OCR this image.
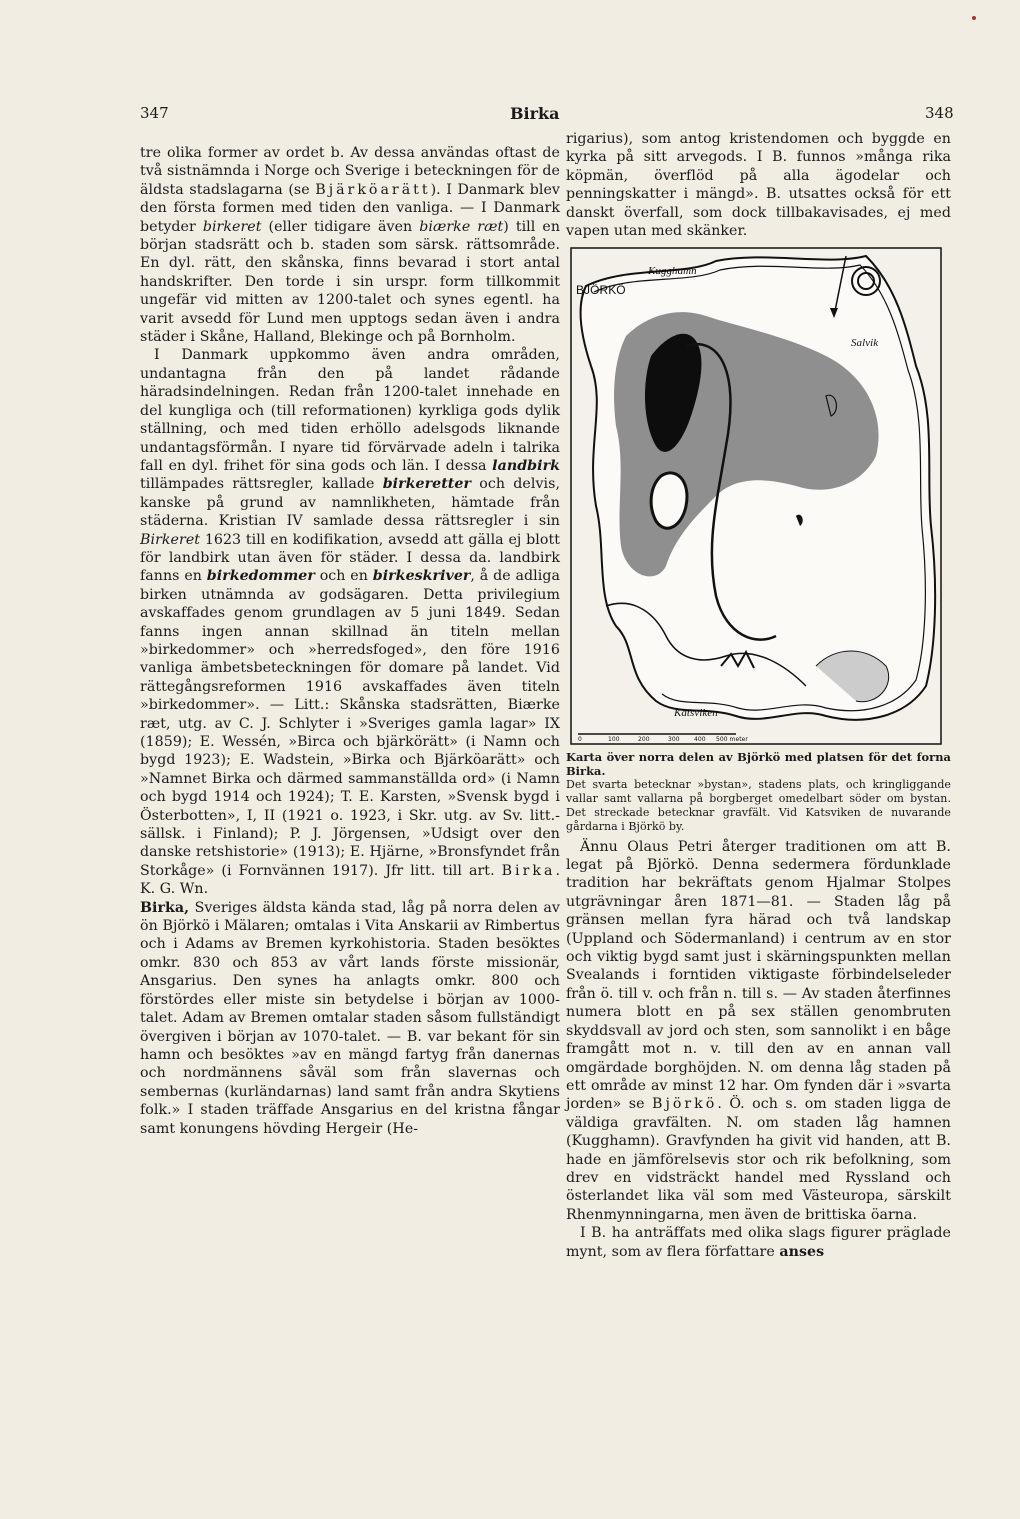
347	Birka	348

tre olika former av ordet b. Av dessa användas oftast de två sistnämnda i Norge och Sverige i beteckningen för de äldsta stadslagarna (se Bjärköarätt). I Danmark blev den första formen med tiden den vanliga. — I Danmark betyder birkeret (eller tidigare även biærke ræt) till en början stadsrätt och b. staden som särsk. rättsområde. En dyl. rätt, den skånska, finns bevarad i stort antal handskrifter. Den torde i sin urspr. form tillkommit ungefär vid mitten av 1200-talet och synes egentl. ha varit avsedd för Lund men upptogs sedan även i andra städer i Skåne, Halland, Blekinge och på Bornholm.

I Danmark uppkommo även andra områden, undantagna från den på landet rådande häradsindelningen. Redan från 1200-talet innehade en del kungliga och (till reformationen) kyrkliga gods dylik ställning, och med tiden erhöllo adelsgods liknande undantagsförmån. I nyare tid förvärvade adeln i talrika fall en dyl. frihet för sina gods och län. I dessa landbirk tillämpades rättsregler, kallade birkeretter och delvis, kanske på grund av namnlikheten, hämtade från städerna. Kristian IV samlade dessa rättsregler i sin Birkeret 1623 till en kodifikation, avsedd att gälla ej blott för landbirk utan även för städer. I dessa da. landbirk fanns en birkedommer och en birkeskriver, å de adliga birken utnämnda av godsägaren. Detta privilegium avskaffades genom grundlagen av 5 juni 1849. Sedan fanns ingen annan skillnad än titeln mellan »birkedommer» och »herredsfoged», den före 1916 vanliga ämbetsbeteckningen för domare på landet. Vid rättegångsreformen 1916 avskaffades även titeln »birkedommer». — Litt.: Skånska stadsrätten, Biærke ræt, utg. av C. J. Schlyter i »Sveriges gamla lagar» IX (1859); E. Wessén, »Birca och bjärkörätt» (i Namn och bygd 1923); E. Wadstein, »Birka och Bjärköarätt» och »Namnet Birka och därmed sammanställda ord» (i Namn och bygd 1914 och 1924); T. E. Karsten, »Svensk bygd i Österbotten», I, II (1921 o. 1923, i Skr. utg. av Sv. litt.-sällsk. i Finland); P. J. Jörgensen, »Udsigt over den danske retshistorie» (1913); E. Hjärne, »Bronsfyndet från Storkåge» (i Fornvännen 1917). Jfr litt. till art. Birka. K. G. Wn.

Birka, Sveriges äldsta kända stad, låg på norra delen av ön Björkö i Mälaren; omtalas i Vita Anskarii av Rimbertus och i Adams av Bremen kyrkohistoria. Staden besöktes omkr. 830 och 853 av vårt lands förste missionär, Ansgarius. Den synes ha anlagts omkr. 800 och förstördes eller miste sin betydelse i början av 1000-talet. Adam av Bremen omtalar staden såsom fullständigt övergiven i början av 1070-talet. — B. var bekant för sin hamn och besöktes »av en mängd fartyg från danernas och nordmännens såväl som från slavernas och sembernas (kurländarnas) land samt från andra Skytiens folk.» I staden träffade Ansgarius en del kristna fångar samt konungens hövding Hergeir (He-

rigarius), som antog kristendomen och byggde en kyrka på sitt arvegods. I B. funnos »många rika köpmän, överflöd på alla ägodelar och penningskatter i mängd». B. utsattes också för ett danskt överfall, som dock tillbakavisades, ej med vapen utan med skänker.

BJÖRKÖ
Kugghamn
Salvik
Katsviken
0	100	200	300 400 500 meter
Karta över norra delen av Björkö med platsen för det forna Birka.
Det svarta betecknar »bystan», stadens plats, och kringliggande vallar samt vallarna på borgberget omedelbart söder om bystan. Det streckade betecknar gravfält. Vid Katsviken de nuvarande gårdarna i Björkö by.

Ännu Olaus Petri återger traditionen om att B. legat på Björkö. Denna sedermera fördunklade tradition har bekräftats genom Hjalmar Stolpes utgrävningar åren 1871—81. — Staden låg på gränsen mellan fyra härad och två landskap (Uppland och Södermanland) i centrum av en stor och viktig bygd samt just i skärningspunkten mellan Svealands i forntiden viktigaste förbindelseleder från ö. till v. och från n. till s. — Av staden återfinnes numera blott en på sex ställen genombruten skyddsvall av jord och sten, som sannolikt i en båge framgått mot n. v. till den av en annan vall omgärdade borghöjden. N. om denna låg staden på ett område av minst 12 har. Om fynden där i »svarta jorden» se Björkö. Ö. och s. om staden ligga de väldiga gravfälten. N. om staden låg hamnen (Kugghamn). Gravfynden ha givit vid handen, att B. hade en jämförelsevis stor och rik befolkning, som drev en vidsträckt handel med Ryssland och österlandet lika väl som med Västeuropa, särskilt Rhenmynningarna, men även de brittiska öarna.

I B. ha anträffats med olika slags figurer präglade mynt, som av flera författare anses
